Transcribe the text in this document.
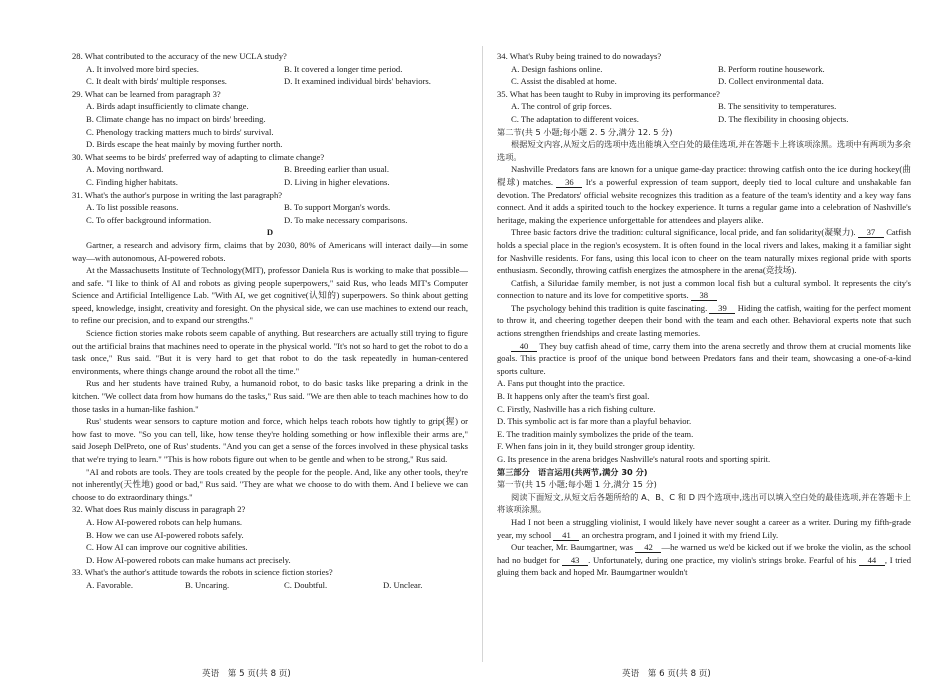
28. What contributed to the accuracy of the new UCLA study?
A. It involved more bird species.	B. It covered a longer time period.
C. It dealt with birds' multiple responses.	D. It examined individual birds' behaviors.
29. What can be learned from paragraph 3?
A. Birds adapt insufficiently to climate change.
B. Climate change has no impact on birds' breeding.
C. Phenology tracking matters much to birds' survival.
D. Birds escape the heat mainly by moving further north.
30. What seems to be birds' preferred way of adapting to climate change?
A. Moving northward.	B. Breeding earlier than usual.
C. Finding higher habitats.	D. Living in higher elevations.
31. What's the author's purpose in writing the last paragraph?
A. To list possible reasons.	B. To support Morgan's words.
C. To offer background information.	D. To make necessary comparisons.
D
Gartner, a research and advisory firm, claims that by 2030, 80% of Americans will interact daily—in some way—with autonomous, AI-powered robots.
At the Massachusetts Institute of Technology(MIT), professor Daniela Rus is working to make that possible—and safe. "I like to think of AI and robots as giving people superpowers," said Rus, who leads MIT's Computer Science and Artificial Intelligence Lab. "With AI, we get cognitive(认知的) superpowers. So think about getting speed, knowledge, insight, creativity and foresight. On the physical side, we can use machines to extend our reach, to refine our precision, and to expand our strengths."
Science fiction stories make robots seem capable of anything. But researchers are actually still trying to figure out the artificial brains that machines need to operate in the physical world. "It's not so hard to get the robot to do a task once," Rus said. "But it is very hard to get that robot to do the task repeatedly in human-centered environments, where things change around the robot all the time."
Rus and her students have trained Ruby, a humanoid robot, to do basic tasks like preparing a drink in the kitchen. "We collect data from how humans do the tasks," Rus said. "We are then able to teach machines how to do those tasks in a human-like fashion."
Rus' students wear sensors to capture motion and force, which helps teach robots how tightly to grip(握) or how fast to move. "So you can tell, like, how tense they're holding something or how inflexible their arms are," said Joseph DelPreto, one of Rus' students. "And you can get a sense of the forces involved in these physical tasks that we're trying to learn." "This is how robots figure out when to be gentle and when to be strong," Rus said.
"AI and robots are tools. They are tools created by the people for the people. And, like any other tools, they're not inherently(天性地) good or bad," Rus said. "They are what we choose to do with them. And I believe we can choose to do extraordinary things."
32. What does Rus mainly discuss in paragraph 2?
A. How AI-powered robots can help humans.
B. How we can use AI-powered robots safely.
C. How AI can improve our cognitive abilities.
D. How AI-powered robots can make humans act precisely.
33. What's the author's attitude towards the robots in science fiction stories?
A. Favorable.	B. Uncaring.	C. Doubtful.	D. Unclear.
34. What's Ruby being trained to do nowadays?
A. Design fashions online.	B. Perform routine housework.
C. Assist the disabled at home.	D. Collect environmental data.
35. What has been taught to Ruby in improving its performance?
A. The control of grip forces.	B. The sensitivity to temperatures.
C. The adaptation to different voices.	D. The flexibility in choosing objects.
第二节(共 5 小题;每小题 2. 5 分,满分 12. 5 分)
根据短文内容,从短文后的选项中选出能填入空白处的最佳选项,并在答题卡上将该项涂黑。选项中有两项为多余选项。
Nashville Predators fans are known for a unique game-day practice: throwing catfish onto the ice during hockey(曲棍球) matches. 36 It's a powerful expression of team support, deeply tied to local culture and unshakable fan devotion. The Predators' official website recognizes this tradition as a feature of the team's identity and a key way fans connect. And it adds a spirited touch to the hockey experience. It turns a regular game into a celebration of Nashville's heritage, making the experience unforgettable for attendees and players alike.
Three basic factors drive the tradition: cultural significance, local pride, and fan solidarity(凝聚力). 37 Catfish holds a special place in the region's ecosystem. It is often found in the local rivers and lakes, making it a familiar sight for Nashville residents. For fans, using this local icon to cheer on the team naturally mixes regional pride with sports enthusiasm. Secondly, throwing catfish energizes the atmosphere in the arena(竞技场).
Catfish, a Siluridae family member, is not just a common local fish but a cultural symbol. It represents the city's connection to nature and its love for competitive sports. 38
The psychology behind this tradition is quite fascinating. 39 Hiding the catfish, waiting for the perfect moment to throw it, and cheering together deepen their bond with the team and each other. Behavioral experts note that such actions strengthen friendships and create lasting memories.
40 They buy catfish ahead of time, carry them into the arena secretly and throw them at crucial moments like goals. This practice is proof of the unique bond between Predators fans and their team, showcasing a one-of-a-kind sports culture.
A. Fans put thought into the practice.
B. It happens only after the team's first goal.
C. Firstly, Nashville has a rich fishing culture.
D. This symbolic act is far more than a playful behavior.
E. The tradition mainly symbolizes the pride of the team.
F. When fans join in it, they build stronger group identity.
G. Its presence in the arena bridges Nashville's natural roots and sporting spirit.
第三部分　语言运用(共两节,满分 30 分)
第一节(共 15 小题;每小题 1 分,满分 15 分)
阅读下面短文,从短文后各题所给的 A、B、C 和 D 四个选项中,选出可以填入空白处的最佳选项,并在答题卡上将该项涂黑。
Had I not been a struggling violinist, I would likely have never sought a career as a writer. During my fifth-grade year, my school 41 an orchestra program, and I joined it with my friend Lily.
Our teacher, Mr. Baumgartner, was 42 —he warned us we'd be kicked out if we broke the violin, as the school had no budget for 43 . Unfortunately, during one practice, my violin's strings broke. Fearful of his 44 , I tried gluing them back and hoped Mr. Baumgartner wouldn't
英语　第 5 页(共 8 页)	英语　第 6 页(共 8 页)
